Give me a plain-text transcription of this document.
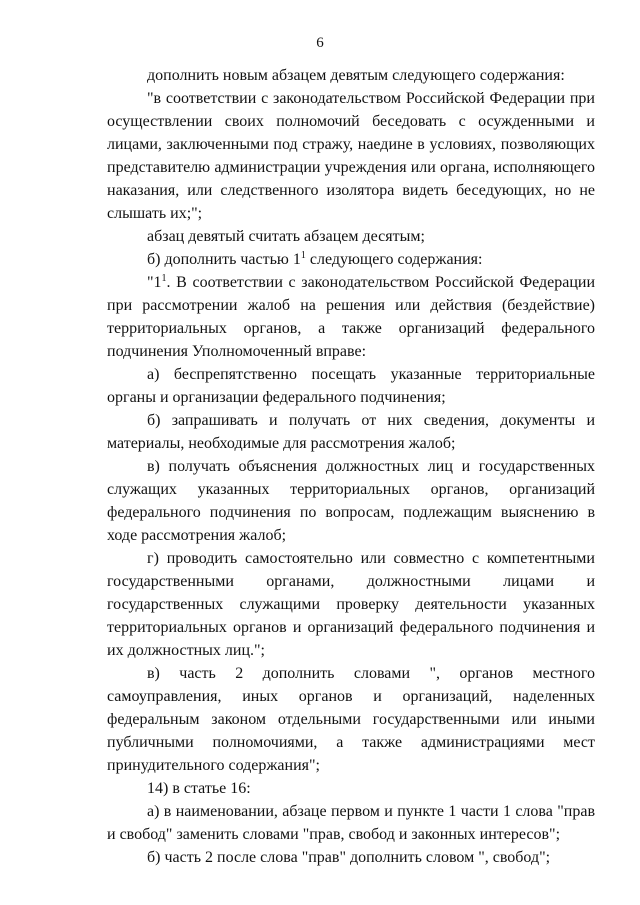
6

дополнить новым абзацем девятым следующего содержания:

"в соответствии с законодательством Российской Федерации при осуществлении своих полномочий беседовать с осужденными и лицами, заключенными под стражу, наедине в условиях, позволяющих представителю администрации учреждения или органа, исполняющего наказания, или следственного изолятора видеть беседующих, но не слышать их;";

абзац девятый считать абзацем десятым;

б) дополнить частью $1^1$ следующего содержания:

"$1^1$. В соответствии с законодательством Российской Федерации при рассмотрении жалоб на решения или действия (бездействие) территориальных органов, а также организаций федерального подчинения Уполномоченный вправе:

а) беспрепятственно посещать указанные территориальные органы и организации федерального подчинения;

б) запрашивать и получать от них сведения, документы и материалы, необходимые для рассмотрения жалоб;

в) получать объяснения должностных лиц и государственных служащих указанных территориальных органов, организаций федерального подчинения по вопросам, подлежащим выяснению в ходе рассмотрения жалоб;

г) проводить самостоятельно или совместно с компетентными государственными органами, должностными лицами и государственных служащими проверку деятельности указанных территориальных органов и организаций федерального подчинения и их должностных лиц.";

в) часть 2 дополнить словами ", органов местного самоуправления, иных органов и организаций, наделенных федеральным законом отдельными государственными или иными публичными полномочиями, а также администрациями мест принудительного содержания";

14) в статье 16:

а) в наименовании, абзаце первом и пункте 1 части 1 слова "прав и свобод" заменить словами "прав, свобод и законных интересов";

б) часть 2 после слова "прав" дополнить словом ", свобод";
